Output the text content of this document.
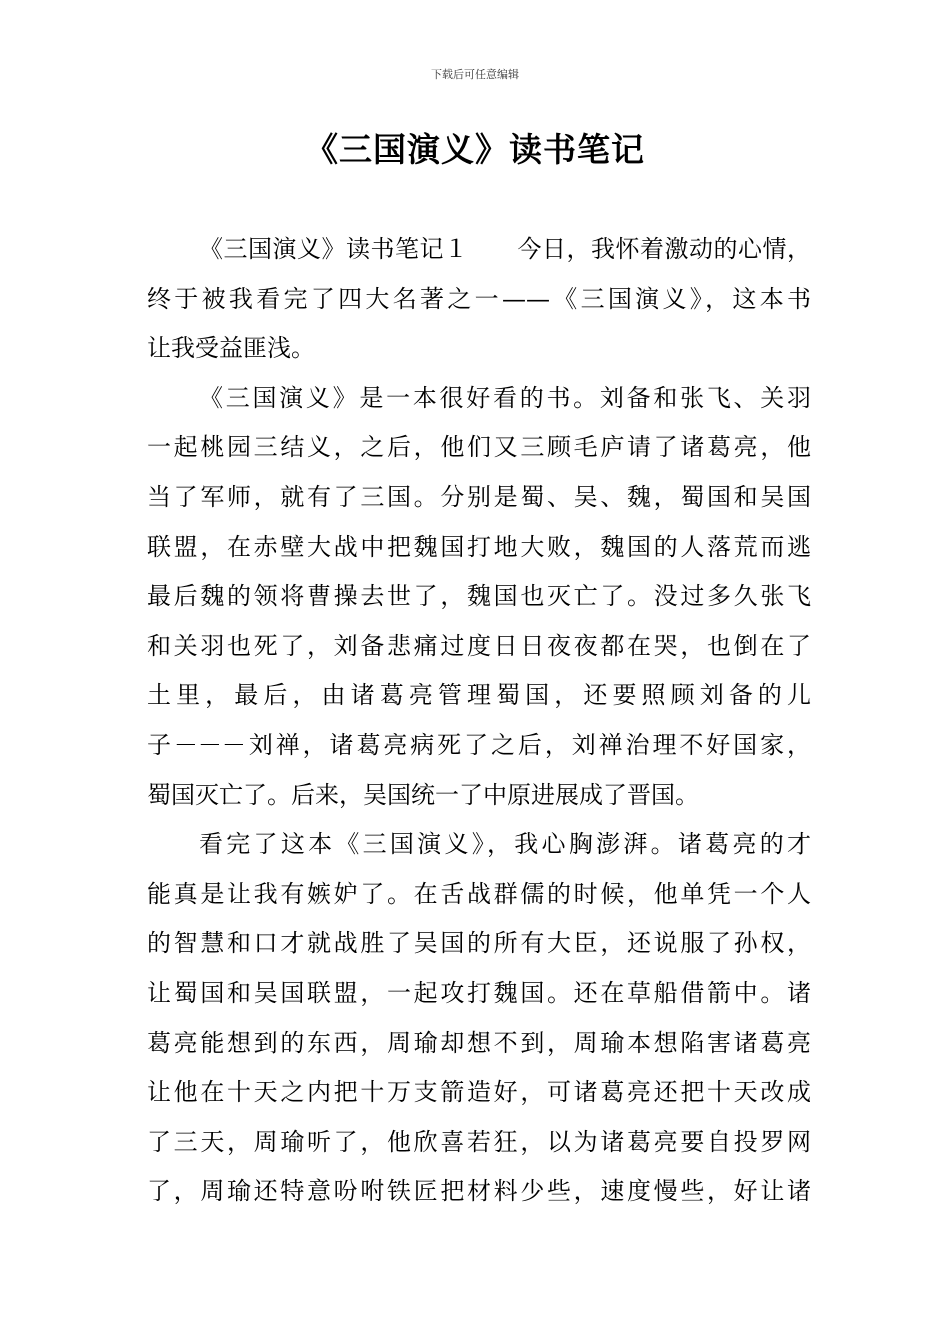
下载后可任意编辑
《三国演义》读书笔记
《三国演义》读书笔记１　　今日，我怀着激动的心情，
终于被我看完了四大名著之一——《三国演义》，这本书
让我受益匪浅。
《三国演义》是一本很好看的书。刘备和张飞、关羽
一起桃园三结义，之后，他们又三顾毛庐请了诸葛亮，他
当了军师，就有了三国。分别是蜀、吴、魏，蜀国和吴国
联盟，在赤壁大战中把魏国打地大败，魏国的人落荒而逃
最后魏的领将曹操去世了，魏国也灭亡了。没过多久张飞
和关羽也死了，刘备悲痛过度日日夜夜都在哭，也倒在了
土里，最后，由诸葛亮管理蜀国，还要照顾刘备的儿
子－－－刘禅，诸葛亮病死了之后，刘禅治理不好国家，
蜀国灭亡了。后来，吴国统一了中原进展成了晋国。
看完了这本《三国演义》，我心胸澎湃。诸葛亮的才
能真是让我有嫉妒了。在舌战群儒的时候，他单凭一个人
的智慧和口才就战胜了吴国的所有大臣，还说服了孙权，
让蜀国和吴国联盟，一起攻打魏国。还在草船借箭中。诸
葛亮能想到的东西，周瑜却想不到，周瑜本想陷害诸葛亮
让他在十天之内把十万支箭造好，可诸葛亮还把十天改成
了三天，周瑜听了，他欣喜若狂，以为诸葛亮要自投罗网
了，周瑜还特意吩咐铁匠把材料少些，速度慢些，好让诸
